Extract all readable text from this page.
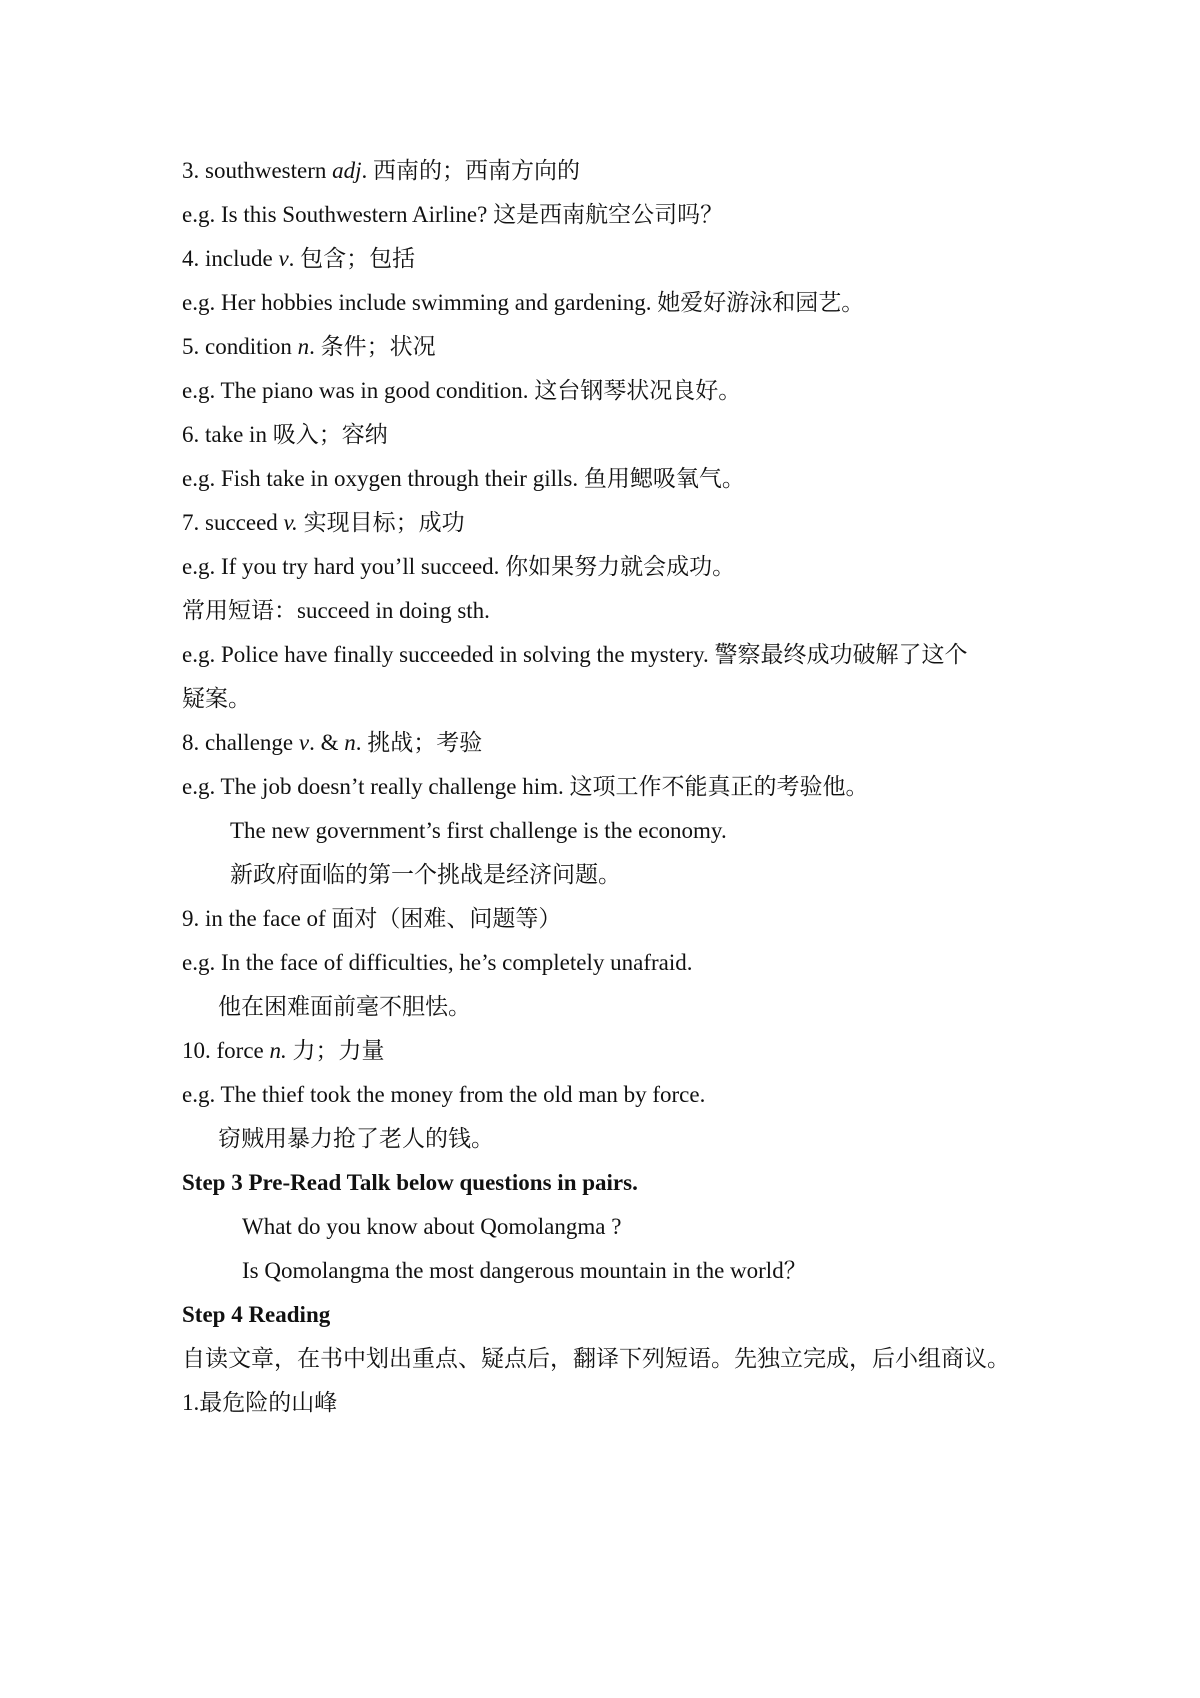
3. southwestern adj. 西南的；西南方向的
e.g. Is this Southwestern Airline? 这是西南航空公司吗？
4. include v. 包含；包括
e.g. Her hobbies include swimming and gardening. 她爱好游泳和园艺。
5. condition n. 条件；状况
e.g. The piano was in good condition. 这台钢琴状况良好。
6. take in 吸入；容纳
e.g. Fish take in oxygen through their gills. 鱼用鳃吸氧气。
7. succeed v. 实现目标；成功
e.g. If you try hard you’ll succeed. 你如果努力就会成功。
常用短语：succeed in doing sth.
e.g. Police have finally succeeded in solving the mystery. 警察最终成功破解了这个
疑案。
8. challenge v. & n. 挑战；考验
e.g. The job doesn’t really challenge him. 这项工作不能真正的考验他。
The new government’s first challenge is the economy.
新政府面临的第一个挑战是经济问题。
9. in the face of 面对（困难、问题等）
e.g. In the face of difficulties, he’s completely unafraid.
他在困难面前毫不胆怯。
10. force n. 力；力量
e.g. The thief took the money from the old man by force.
窃贼用暴力抢了老人的钱。
Step 3 Pre-Read Talk below questions in pairs.
What do you know about Qomolangma ?
Is Qomolangma the most dangerous mountain in the world？
Step 4 Reading
自读文章，在书中划出重点、疑点后，翻译下列短语。先独立完成，后小组商议。
1.最危险的山峰
